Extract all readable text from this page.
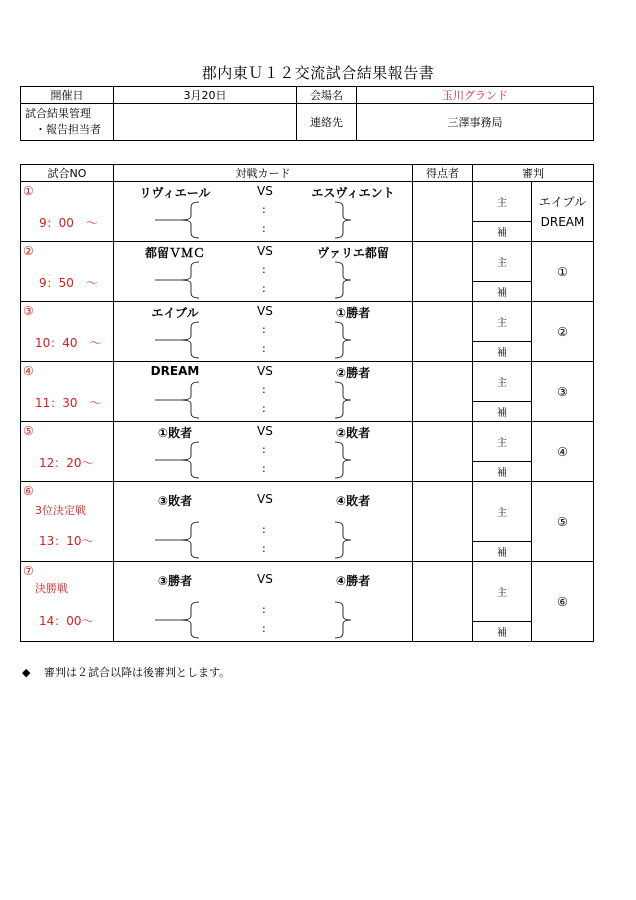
郡内東Ｕ１２交流試合結果報告書
開催日	3月20日	会場名	玉川グランド

試合結果管理
・報告担当者		連絡先	三澤事務局
試合NO	対戦カード	得点者	審判	

①
9：00　～	リヴィエール VS エスヴィエント
:
:		主	エイブル
DREAM
			補	

②
9：50　～	都留ＶＭＣ VS ヴァリエ都留
:
:		主	①
			補	

③
10：40　～	エイブル VS ①勝者
:
:		主	②
			補	

④
11：30　～	DREAM VS ②勝者
:
:		主	③
			補	

⑤
12：20～	①敗者 VS ②敗者
:
:		主	④
			補	

⑥
3位決定戦
13：10～	③敗者 VS ④敗者
:
:		主	⑤
			補	

⑦
決勝戦
14：00～	③勝者 VS ④勝者
:
:		主	⑥
			補	
◆ 審判は２試合以降は後審判とします。
